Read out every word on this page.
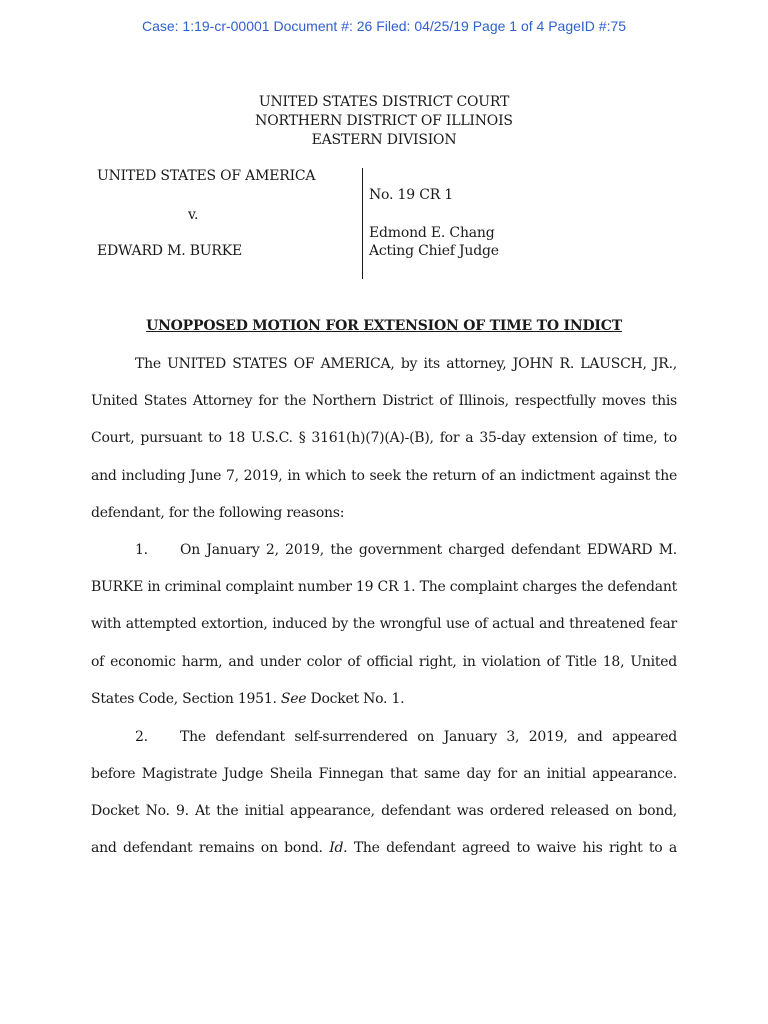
Case: 1:19-cr-00001 Document #: 26 Filed: 04/25/19 Page 1 of 4 PageID #:75
UNITED STATES DISTRICT COURT
NORTHERN DISTRICT OF ILLINOIS
EASTERN DIVISION
UNITED STATES OF AMERICA
v.
EDWARD M. BURKE
No. 19 CR 1
Edmond E. Chang
Acting Chief Judge
UNOPPOSED MOTION FOR EXTENSION OF TIME TO INDICT
The UNITED STATES OF AMERICA, by its attorney, JOHN R. LAUSCH, JR.,
United States Attorney for the Northern District of Illinois, respectfully moves this
Court, pursuant to 18 U.S.C. § 3161(h)(7)(A)-(B), for a 35-day extension of time, to
and including June 7, 2019, in which to seek the return of an indictment against the
defendant, for the following reasons:
1.	On January 2, 2019, the government charged defendant EDWARD M.
BURKE in criminal complaint number 19 CR 1. The complaint charges the defendant
with attempted extortion, induced by the wrongful use of actual and threatened fear
of economic harm, and under color of official right, in violation of Title 18, United
States Code, Section 1951. See Docket No. 1.
2.	The defendant self-surrendered on January 3, 2019, and appeared
before Magistrate Judge Sheila Finnegan that same day for an initial appearance.
Docket No. 9. At the initial appearance, defendant was ordered released on bond,
and defendant remains on bond. Id. The defendant agreed to waive his right to a
